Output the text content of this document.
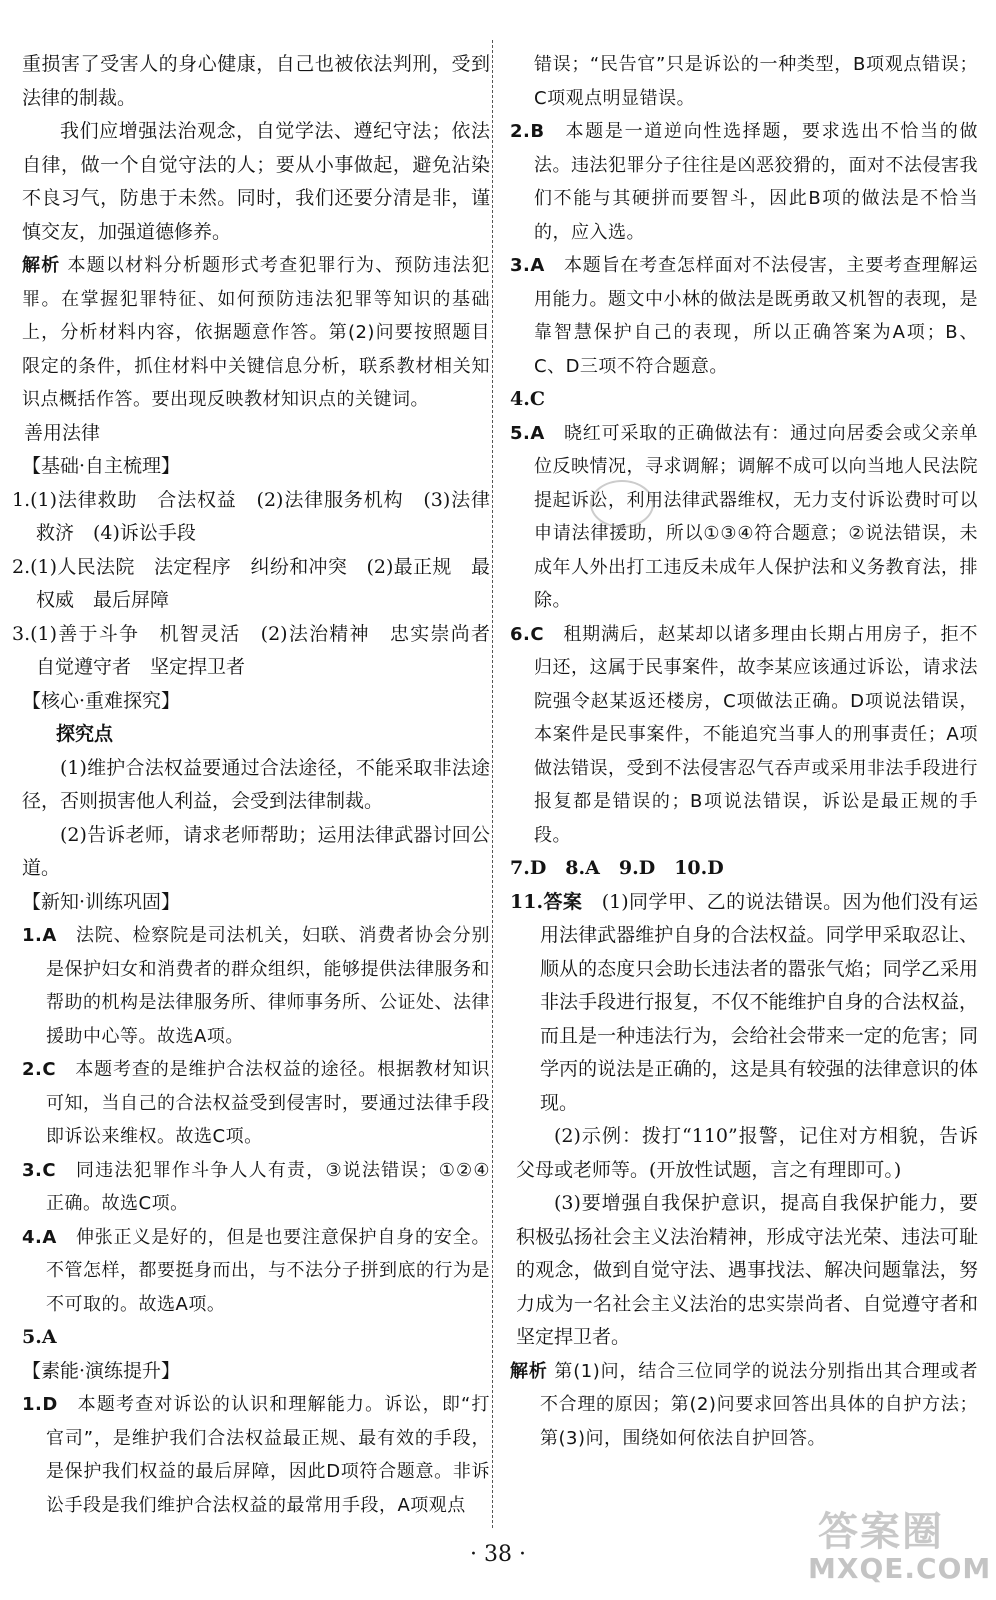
重损害了受害人的身心健康，自己也被依法判刑，受到法律的制裁。

我们应增强法治观念，自觉学法、遵纪守法；依法自律，做一个自觉守法的人；要从小事做起，避免沾染不良习气，防患于未然。同时，我们还要分清是非，谨慎交友，加强道德修养。

解析 本题以材料分析题形式考查犯罪行为、预防违法犯罪。在掌握犯罪特征、如何预防违法犯罪等知识的基础上，分析材料内容，依据题意作答。第(2)问要按照题目限定的条件，抓住材料中关键信息分析，联系教材相关知识点概括作答。要出现反映教材知识点的关键词。

善用法律

【基础·自主梳理】

1.(1)法律救助　合法权益　(2)法律服务机构　(3)法律救济　(4)诉讼手段

2.(1)人民法院　法定程序　纠纷和冲突　(2)最正规　最权威　最后屏障

3.(1)善于斗争　机智灵活　(2)法治精神　忠实崇尚者　自觉遵守者　坚定捍卫者

【核心·重难探究】

探究点

(1)维护合法权益要通过合法途径，不能采取非法途径，否则损害他人利益，会受到法律制裁。

(2)告诉老师，请求老师帮助；运用法律武器讨回公道。

【新知·训练巩固】

1.A　 法院、检察院是司法机关，妇联、消费者协会分别是保护妇女和消费者的群众组织，能够提供法律服务和帮助的机构是法律服务所、律师事务所、公证处、法律援助中心等。故选A项。

2.C　 本题考查的是维护合法权益的途径。根据教材知识可知，当自己的合法权益受到侵害时，要通过法律手段即诉讼来维权。故选C项。

3.C　 同违法犯罪作斗争人人有责，③说法错误；①②④正确。故选C项。

4.A　 伸张正义是好的，但是也要注意保护自身的安全。不管怎样，都要挺身而出，与不法分子拼到底的行为是不可取的。故选A项。

5.A

【素能·演练提升】

1.D　 本题考查对诉讼的认识和理解能力。诉讼，即“打官司”，是维护我们合法权益最正规、最有效的手段，是保护我们权益的最后屏障，因此D项符合题意。非诉讼手段是我们维护合法权益的最常用手段，A项观点

错误；“民告官”只是诉讼的一种类型，B项观点错误；C项观点明显错误。

2.B　 本题是一道逆向性选择题，要求选出不恰当的做法。违法犯罪分子往往是凶恶狡猾的，面对不法侵害我们不能与其硬拼而要智斗，因此B项的做法是不恰当的，应入选。

3.A　 本题旨在考查怎样面对不法侵害，主要考查理解运用能力。题文中小林的做法是既勇敢又机智的表现，是靠智慧保护自己的表现，所以正确答案为A项；B、C、D三项不符合题意。

4.C

5.A　 晓红可采取的正确做法有：通过向居委会或父亲单位反映情况，寻求调解；调解不成可以向当地人民法院提起诉讼，利用法律武器维权，无力支付诉讼费时可以申请法律援助，所以①③④符合题意；②说法错误，未成年人外出打工违反未成年人保护法和义务教育法，排除。

6.C　 租期满后，赵某却以诸多理由长期占用房子，拒不归还，这属于民事案件，故李某应该通过诉讼，请求法院强令赵某返还楼房，C项做法正确。D项说法错误，本案件是民事案件，不能追究当事人的刑事责任；A项做法错误，受到不法侵害忍气吞声或采用非法手段进行报复都是错误的；B项说法错误，诉讼是最正规的手段。

7.D　8.A　9.D　10.D

11.答案　 (1)同学甲、乙的说法错误。因为他们没有运用法律武器维护自身的合法权益。同学甲采取忍让、顺从的态度只会助长违法者的嚣张气焰；同学乙采用非法手段进行报复，不仅不能维护自身的合法权益，而且是一种违法行为，会给社会带来一定的危害；同学丙的说法是正确的，这是具有较强的法律意识的体现。

(2)示例：拨打“110”报警，记住对方相貌，告诉父母或老师等。(开放性试题，言之有理即可。)

(3)要增强自我保护意识，提高自我保护能力，要积极弘扬社会主义法治精神，形成守法光荣、违法可耻的观念，做到自觉守法、遇事找法、解决问题靠法，努力成为一名社会主义法治的忠实崇尚者、自觉遵守者和坚定捍卫者。

解析 第(1)问，结合三位同学的说法分别指出其合理或者不合理的原因；第(2)问要求回答出具体的自护方法；第(3)问，围绕如何依法自护回答。

· 38 ·	答案圈
MXQE.COM
